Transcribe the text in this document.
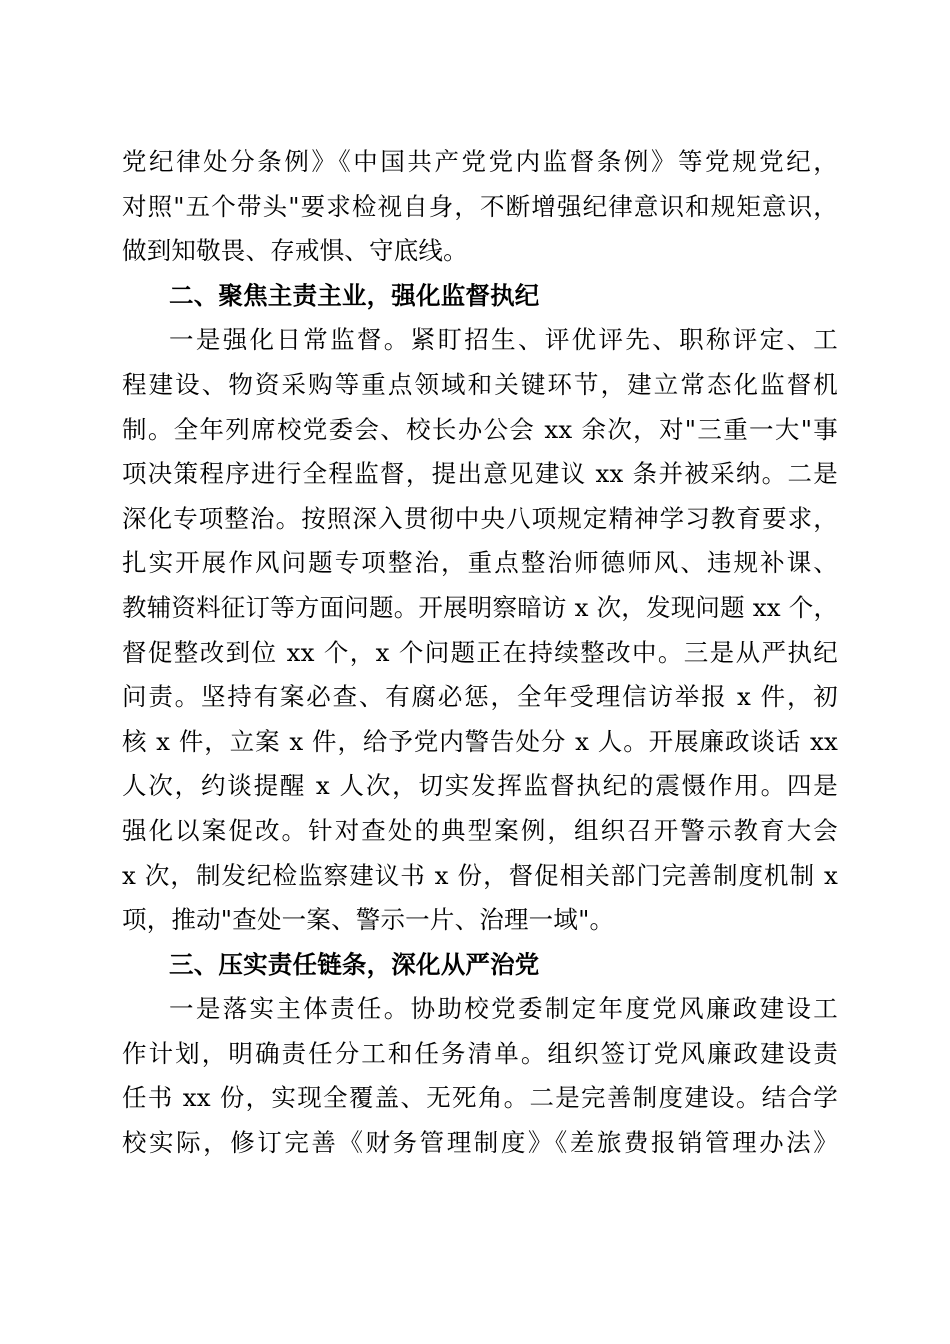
党纪律处分条例》《中国共产党党内监督条例》等党规党纪，
对照"五个带头"要求检视自身，不断增强纪律意识和规矩意识，
做到知敬畏、存戒惧、守底线。
二、聚焦主责主业，强化监督执纪
一是强化日常监督。紧盯招生、评优评先、职称评定、工
程建设、物资采购等重点领域和关键环节，建立常态化监督机
制。全年列席校党委会、校长办公会 xx 余次，对"三重一大"事
项决策程序进行全程监督，提出意见建议 xx 条并被采纳。二是
深化专项整治。按照深入贯彻中央八项规定精神学习教育要求，
扎实开展作风问题专项整治，重点整治师德师风、违规补课、
教辅资料征订等方面问题。开展明察暗访 x 次，发现问题 xx 个，
督促整改到位 xx 个，x 个问题正在持续整改中。三是从严执纪
问责。坚持有案必查、有腐必惩，全年受理信访举报 x 件，初
核 x 件，立案 x 件，给予党内警告处分 x 人。开展廉政谈话 xx
人次，约谈提醒 x 人次，切实发挥监督执纪的震慑作用。四是
强化以案促改。针对查处的典型案例，组织召开警示教育大会
x 次，制发纪检监察建议书 x 份，督促相关部门完善制度机制 x
项，推动"查处一案、警示一片、治理一域"。
三、压实责任链条，深化从严治党
一是落实主体责任。协助校党委制定年度党风廉政建设工
作计划，明确责任分工和任务清单。组织签订党风廉政建设责
任书 xx 份，实现全覆盖、无死角。二是完善制度建设。结合学
校实际，修订完善《财务管理制度》《差旅费报销管理办法》
